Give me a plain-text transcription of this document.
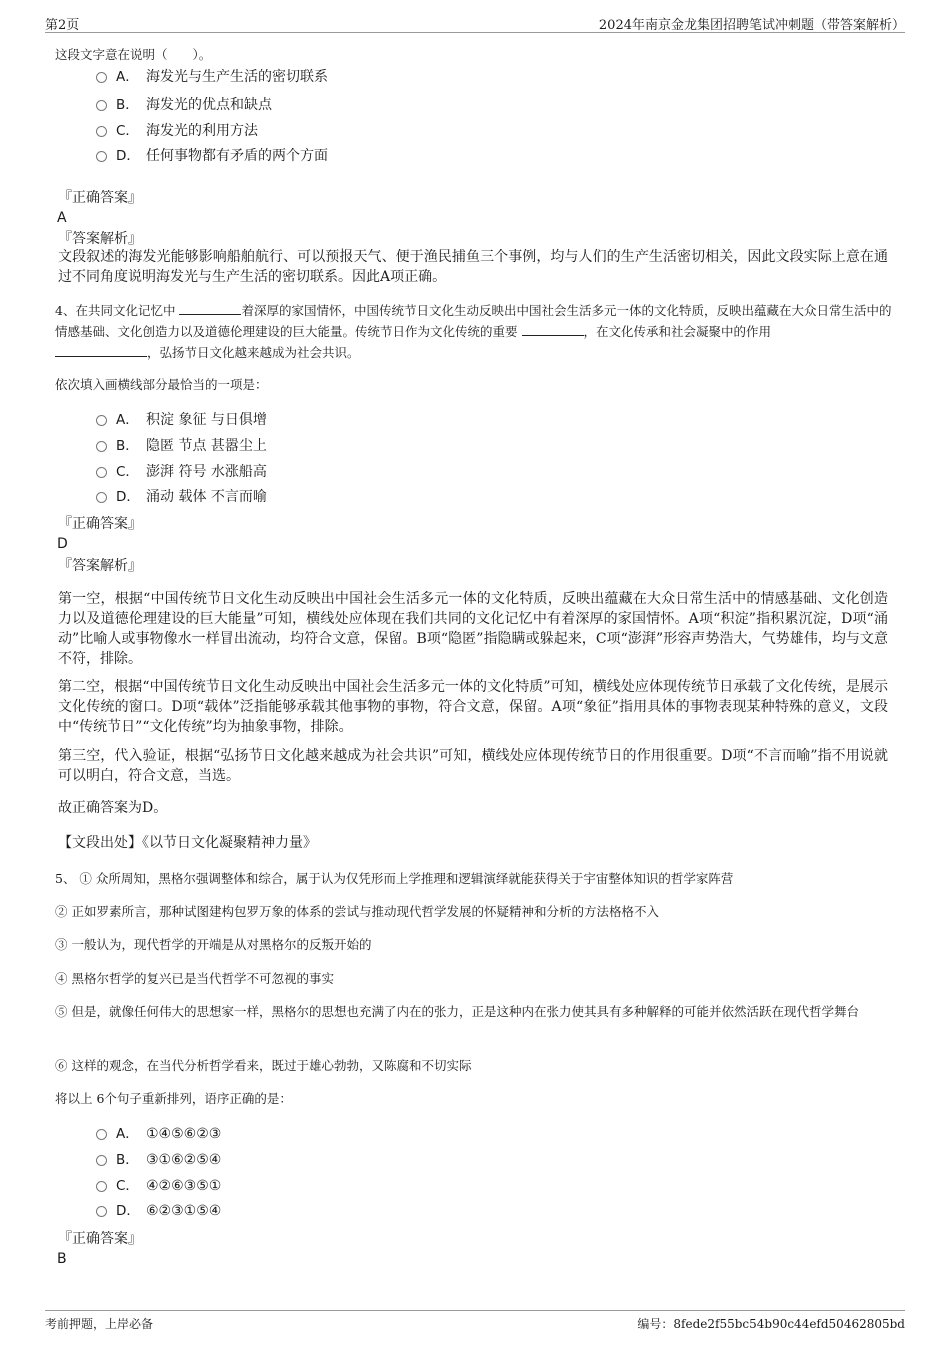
第2页	2024年南京金龙集团招聘笔试冲刺题（带答案解析）
这段文字意在说明（　　）。
A． 海发光与生产生活的密切联系
B． 海发光的优点和缺点
C． 海发光的利用方法
D． 任何事物都有矛盾的两个方面
『正确答案』
A
『答案解析』
文段叙述的海发光能够影响船舶航行、可以预报天气、便于渔民捕鱼三个事例，均与人们的生产生活密切相关，因此文段实际上意在通过不同角度说明海发光与生产生活的密切联系。因此A项正确。
4、在共同文化记忆中	着深厚的家国情怀，中国传统节日文化生动反映出中国社会生活多元一体的文化特质，反映出蕴藏在大众日常生活中的情感基础、文化创造力以及道德伦理建设的巨大能量。传统节日作为文化传统的重要	，在文化传承和社会凝聚中的作用
，弘扬节日文化越来越成为社会共识。
依次填入画横线部分最恰当的一项是：
A． 积淀 象征 与日俱增
B． 隐匿 节点 甚嚣尘上
C． 澎湃 符号 水涨船高
D． 涌动 载体 不言而喻
『正确答案』
D
『答案解析』
第一空，根据“中国传统节日文化生动反映出中国社会生活多元一体的文化特质，反映出蕴藏在大众日常生活中的情感基础、文化创造力以及道德伦理建设的巨大能量”可知，横线处应体现在我们共同的文化记忆中有着深厚的家国情怀。A项“积淀”指积累沉淀，D项“涌动”比喻人或事物像水一样冒出流动，均符合文意，保留。B项“隐匿”指隐瞒或躲起来，C项“澎湃”形容声势浩大，气势雄伟，均与文意不符，排除。
第二空，根据“中国传统节日文化生动反映出中国社会生活多元一体的文化特质”可知，横线处应体现传统节日承载了文化传统，是展示文化传统的窗口。D项“载体”泛指能够承载其他事物的事物，符合文意，保留。A项“象征”指用具体的事物表现某种特殊的意义，文段中“传统节日”“文化传统”均为抽象事物，排除。
第三空，代入验证，根据“弘扬节日文化越来越成为社会共识”可知，横线处应体现传统节日的作用很重要。D项“不言而喻”指不用说就可以明白，符合文意，当选。
故正确答案为D。
【文段出处】《以节日文化凝聚精神力量》
5、 ① 众所周知，黑格尔强调整体和综合，属于认为仅凭形而上学推理和逻辑演绎就能获得关于宇宙整体知识的哲学家阵营
② 正如罗素所言，那种试图建构包罗万象的体系的尝试与推动现代哲学发展的怀疑精神和分析的方法格格不入
③ 一般认为，现代哲学的开端是从对黑格尔的反叛开始的
④ 黑格尔哲学的复兴已是当代哲学不可忽视的事实
⑤ 但是，就像任何伟大的思想家一样，黑格尔的思想也充满了内在的张力，正是这种内在张力使其具有多种解释的可能并依然活跃在现代哲学舞台
⑥ 这样的观念，在当代分析哲学看来，既过于雄心勃勃，又陈腐和不切实际
将以上 6个句子重新排列，语序正确的是：
A． ①④⑤⑥②③
B． ③①⑥②⑤④
C． ④②⑥③⑤①
D． ⑥②③①⑤④
『正确答案』
B
考前押题，上岸必备	编号：8fede2f55bc54b90c44efd50462805bd
